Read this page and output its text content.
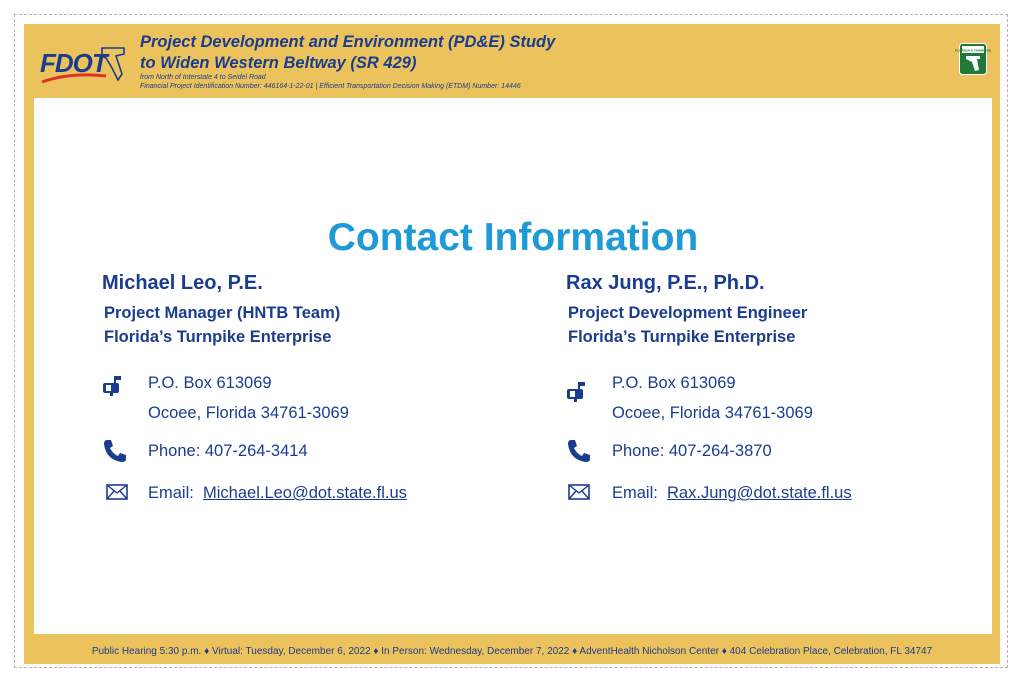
FDOT
Project Development and Environment (PD&E) Study
to Widen Western Beltway (SR 429)
from North of Interstate 4 to Seidel Road
Financial Project Identification Number: 446164-1-22-01 | Efficient Transportation Decision Making (ETDM) Number: 14446
FLORIDA'S TURNPIKE
Contact Information
Michael Leo, P.E.
Project Manager (HNTB Team)
Florida’s Turnpike Enterprise
P.O. Box 613069
Ocoee, Florida 34761-3069
Phone: 407-264-3414
Email: Michael.Leo@dot.state.fl.us
Rax Jung, P.E., Ph.D.
Project Development Engineer
Florida’s Turnpike Enterprise
P.O. Box 613069
Ocoee, Florida 34761-3069
Phone: 407-264-3870
Email: Rax.Jung@dot.state.fl.us
Public Hearing 5:30 p.m. ♦ Virtual: Tuesday, December 6, 2022 ♦ In Person: Wednesday, December 7, 2022 ♦ AdventHealth Nicholson Center ♦ 404 Celebration Place, Celebration, FL 34747
